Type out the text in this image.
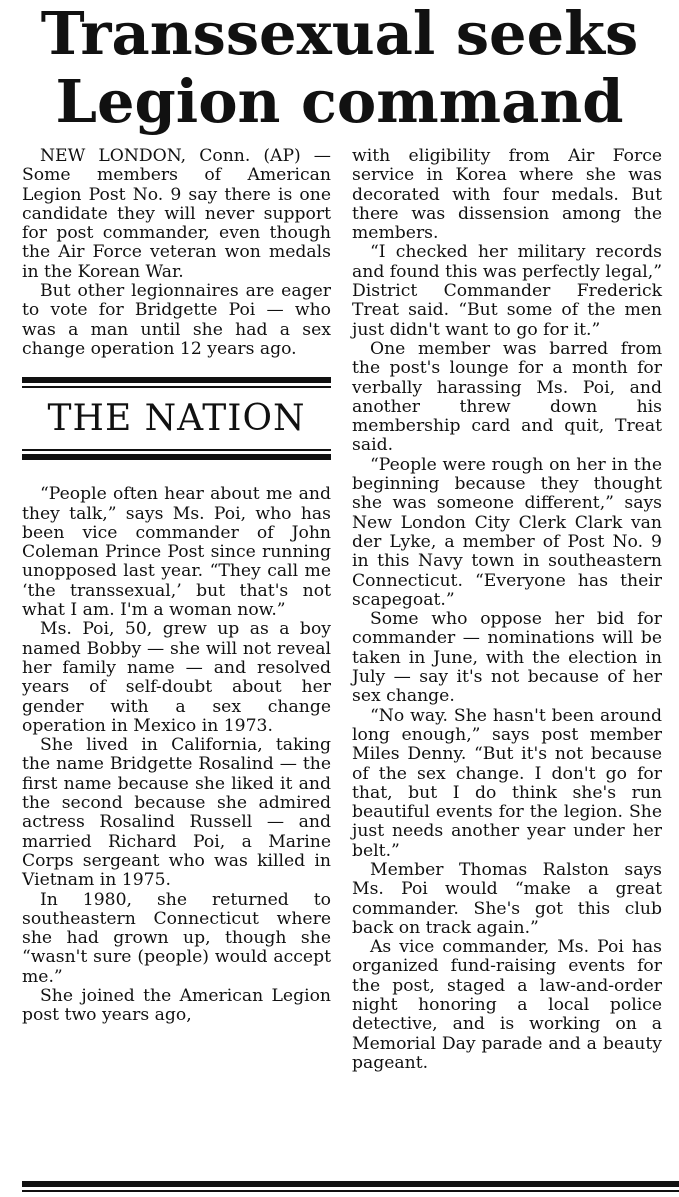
Transsexual seeks
Legion command

NEW LONDON, Conn. (AP) — Some members of American Legion Post No. 9 say there is one candidate they will never support for post commander, even though the Air Force veteran won medals in the Korean War.

But other legionnaires are eager to vote for Bridgette Poi — who was a man until she had a sex change operation 12 years ago.

THE NATION

“People often hear about me and they talk,” says Ms. Poi, who has been vice commander of John Coleman Prince Post since running unopposed last year. “They call me ‘the transsexual,’ but that's not what I am. I'm a woman now.”

Ms. Poi, 50, grew up as a boy named Bobby — she will not reveal her family name — and resolved years of self-doubt about her gender with a sex change operation in Mexico in 1973.

She lived in California, taking the name Bridgette Rosalind — the first name because she liked it and the second because she admired actress Rosalind Russell — and married Richard Poi, a Marine Corps sergeant who was killed in Vietnam in 1975.

In 1980, she returned to southeastern Connecticut where she had grown up, though she “wasn't sure (people) would accept me.”

She joined the American Legion post two years ago,

with eligibility from Air Force service in Korea where she was decorated with four medals. But there was dissension among the members.

“I checked her military records and found this was perfectly legal,” District Commander Frederick Treat said. “But some of the men just didn't want to go for it.”

One member was barred from the post's lounge for a month for verbally harassing Ms. Poi, and another threw down his membership card and quit, Treat said.

“People were rough on her in the beginning because they thought she was someone different,” says New London City Clerk Clark van der Lyke, a member of Post No. 9 in this Navy town in southeastern Connecticut. “Everyone has their scapegoat.”

Some who oppose her bid for commander — nominations will be taken in June, with the election in July — say it's not because of her sex change.

“No way. She hasn't been around long enough,” says post member Miles Denny. “But it's not because of the sex change. I don't go for that, but I do think she's run beautiful events for the legion. She just needs another year under her belt.”

Member Thomas Ralston says Ms. Poi would “make a great commander. She's got this club back on track again.”

As vice commander, Ms. Poi has organized fund-raising events for the post, staged a law-and-order night honoring a local police detective, and is working on a Memorial Day parade and a beauty pageant.
